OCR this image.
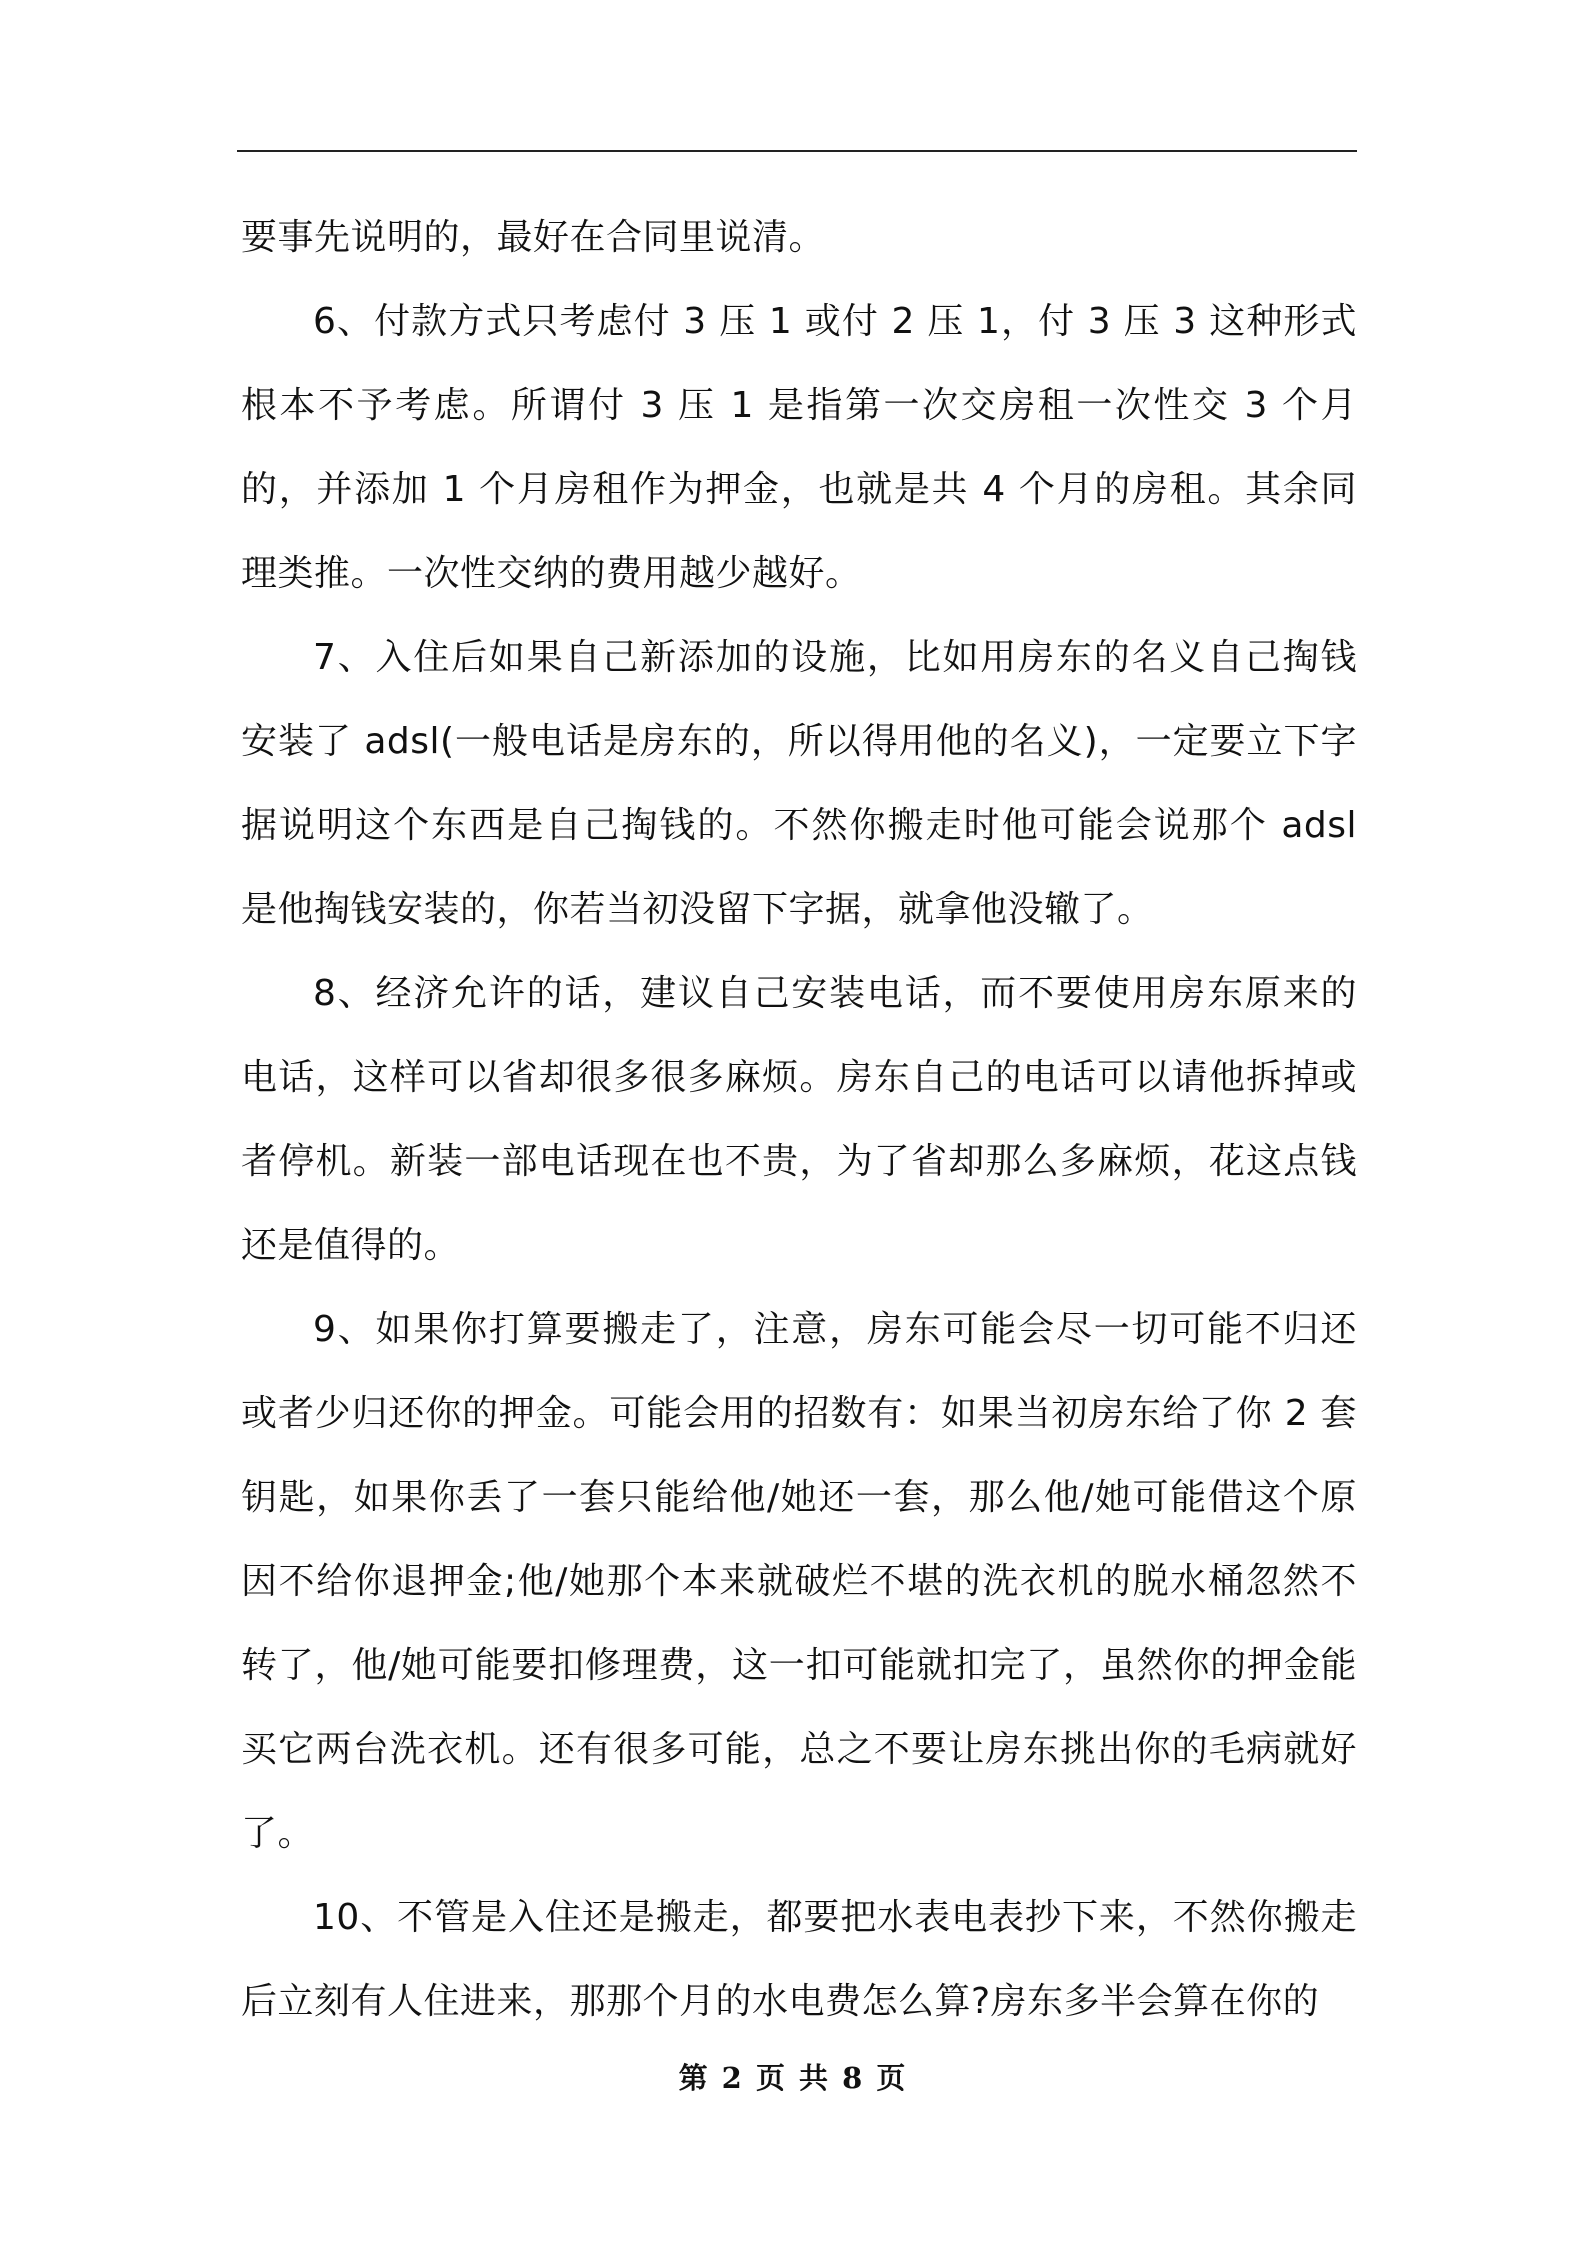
要事先说明的，最好在合同里说清。

6、付款方式只考虑付 3 压 1 或付 2 压 1，付 3 压 3 这种形式根本不予考虑。所谓付 3 压 1 是指第一次交房租一次性交 3 个月的，并添加 1 个月房租作为押金，也就是共 4 个月的房租。其余同理类推。一次性交纳的费用越少越好。

7、入住后如果自己新添加的设施，比如用房东的名义自己掏钱安装了 adsl(一般电话是房东的，所以得用他的名义)，一定要立下字据说明这个东西是自己掏钱的。不然你搬走时他可能会说那个 adsl 是他掏钱安装的，你若当初没留下字据，就拿他没辙了。

8、经济允许的话，建议自己安装电话，而不要使用房东原来的电话，这样可以省却很多很多麻烦。房东自己的电话可以请他拆掉或者停机。新装一部电话现在也不贵，为了省却那么多麻烦，花这点钱还是值得的。

9、如果你打算要搬走了，注意，房东可能会尽一切可能不归还或者少归还你的押金。可能会用的招数有：如果当初房东给了你 2 套钥匙，如果你丢了一套只能给他/她还一套，那么他/她可能借这个原因不给你退押金;他/她那个本来就破烂不堪的洗衣机的脱水桶忽然不转了，他/她可能要扣修理费，这一扣可能就扣完了，虽然你的押金能买它两台洗衣机。还有很多可能，总之不要让房东挑出你的毛病就好了。

10、不管是入住还是搬走，都要把水表电表抄下来，不然你搬走后立刻有人住进来，那那个月的水电费怎么算?房东多半会算在你的

第 2 页 共 8 页
